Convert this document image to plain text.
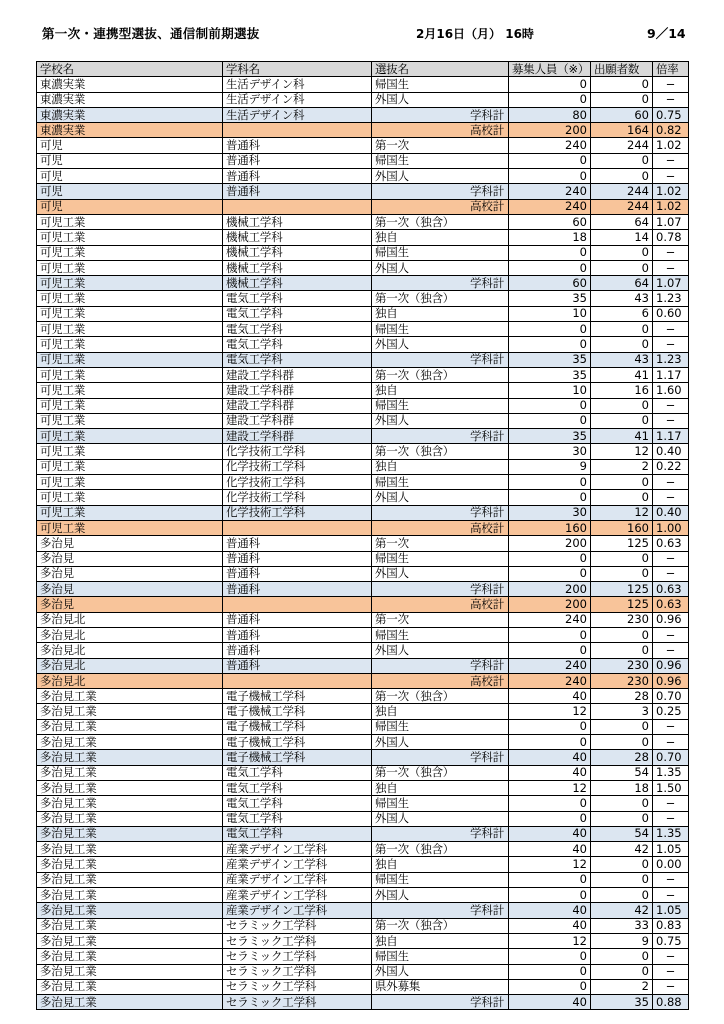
第一次・連携型選抜、通信制前期選抜	2月16日（月） 16時	9／14
学校名	学科名	選抜名	募集人員（※）	出願者数	倍率
東濃実業	生活デザイン科	帰国生	0	0	−
東濃実業	生活デザイン科	外国人	0	0	−
東濃実業	生活デザイン科	学科計	80	60	0.75
東濃実業		高校計	200	164	0.82
可児	普通科	第一次	240	244	1.02
可児	普通科	帰国生	0	0	−
可児	普通科	外国人	0	0	−
可児	普通科	学科計	240	244	1.02
可児		高校計	240	244	1.02
可児工業	機械工学科	第一次（独含）	60	64	1.07
可児工業	機械工学科	独自	18	14	0.78
可児工業	機械工学科	帰国生	0	0	−
可児工業	機械工学科	外国人	0	0	−
可児工業	機械工学科	学科計	60	64	1.07
可児工業	電気工学科	第一次（独含）	35	43	1.23
可児工業	電気工学科	独自	10	6	0.60
可児工業	電気工学科	帰国生	0	0	−
可児工業	電気工学科	外国人	0	0	−
可児工業	電気工学科	学科計	35	43	1.23
可児工業	建設工学科群	第一次（独含）	35	41	1.17
可児工業	建設工学科群	独自	10	16	1.60
可児工業	建設工学科群	帰国生	0	0	−
可児工業	建設工学科群	外国人	0	0	−
可児工業	建設工学科群	学科計	35	41	1.17
可児工業	化学技術工学科	第一次（独含）	30	12	0.40
可児工業	化学技術工学科	独自	9	2	0.22
可児工業	化学技術工学科	帰国生	0	0	−
可児工業	化学技術工学科	外国人	0	0	−
可児工業	化学技術工学科	学科計	30	12	0.40
可児工業		高校計	160	160	1.00
多治見	普通科	第一次	200	125	0.63
多治見	普通科	帰国生	0	0	−
多治見	普通科	外国人	0	0	−
多治見	普通科	学科計	200	125	0.63
多治見		高校計	200	125	0.63
多治見北	普通科	第一次	240	230	0.96
多治見北	普通科	帰国生	0	0	−
多治見北	普通科	外国人	0	0	−
多治見北	普通科	学科計	240	230	0.96
多治見北		高校計	240	230	0.96
多治見工業	電子機械工学科	第一次（独含）	40	28	0.70
多治見工業	電子機械工学科	独自	12	3	0.25
多治見工業	電子機械工学科	帰国生	0	0	−
多治見工業	電子機械工学科	外国人	0	0	−
多治見工業	電子機械工学科	学科計	40	28	0.70
多治見工業	電気工学科	第一次（独含）	40	54	1.35
多治見工業	電気工学科	独自	12	18	1.50
多治見工業	電気工学科	帰国生	0	0	−
多治見工業	電気工学科	外国人	0	0	−
多治見工業	電気工学科	学科計	40	54	1.35
多治見工業	産業デザイン工学科	第一次（独含）	40	42	1.05
多治見工業	産業デザイン工学科	独自	12	0	0.00
多治見工業	産業デザイン工学科	帰国生	0	0	−
多治見工業	産業デザイン工学科	外国人	0	0	−
多治見工業	産業デザイン工学科	学科計	40	42	1.05
多治見工業	セラミック工学科	第一次（独含）	40	33	0.83
多治見工業	セラミック工学科	独自	12	9	0.75
多治見工業	セラミック工学科	帰国生	0	0	−
多治見工業	セラミック工学科	外国人	0	0	−
多治見工業	セラミック工学科	県外募集	0	2	−
多治見工業	セラミック工学科	学科計	40	35	0.88
